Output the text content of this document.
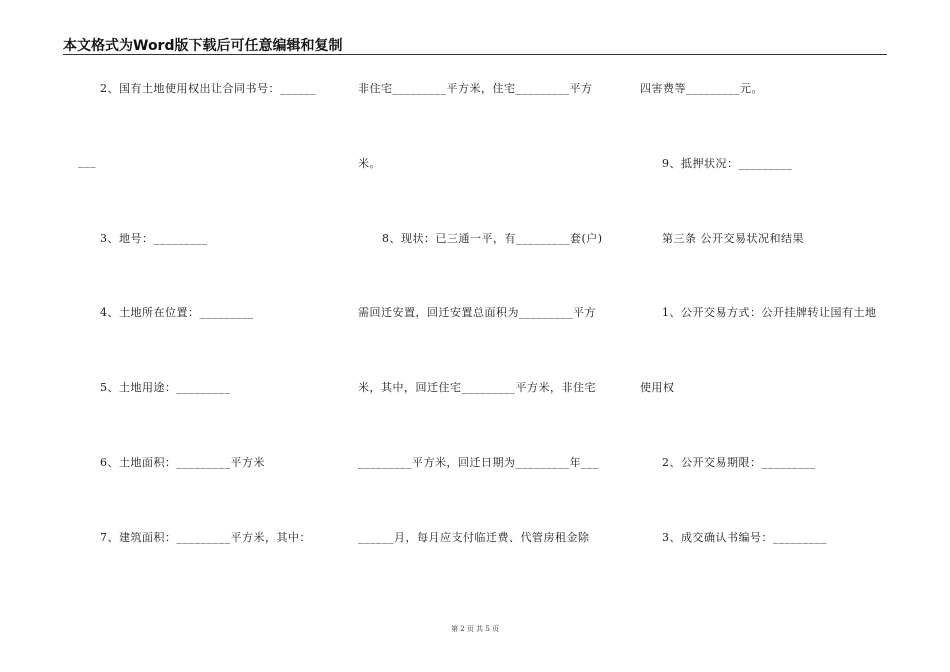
本文格式为Word版下载后可任意编辑和复制
2、国有土地使用权出让合同书号：______
___
3、地号：_________
4、土地所在位置：_________
5、土地用途：_________
6、土地面积：_________平方米
7、建筑面积：_________平方米，其中：
非住宅_________平方米，住宅_________平方
米。
8、现状：已三通一平，有_________套(户)
需回迁安置，回迁安置总面积为_________平方
米，其中，回迁住宅_________平方米，非住宅
_________平方米，回迁日期为_________年___
______月，每月应支付临迁费、代管房租金除
四害费等_________元。
9、抵押状况：_________
第三条 公开交易状况和结果
1、公开交易方式：公开挂牌转让国有土地
使用权
2、公开交易期限：_________
3、成交确认书编号：_________
第 2 页 共 5 页
